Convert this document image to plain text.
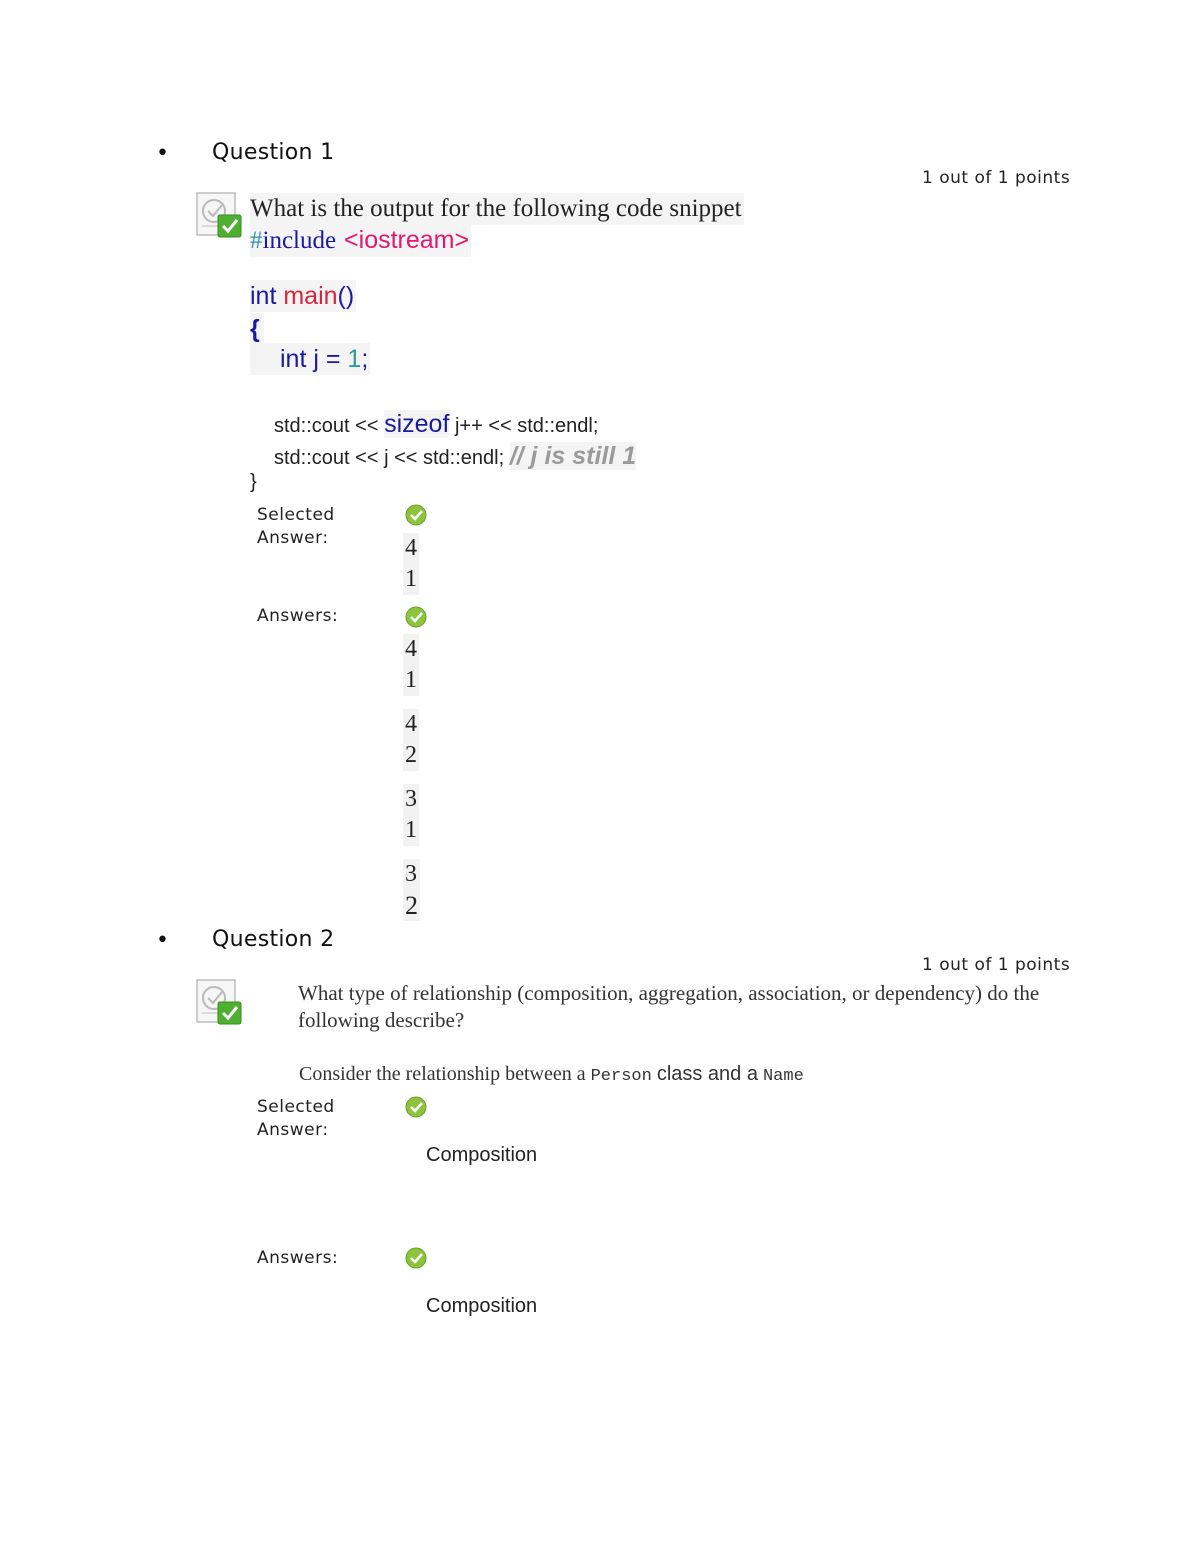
• Question 1
1 out of 1 points
What is the output for the following code snippet
#include <iostream>
int main()
{
int j = 1;
std::cout << sizeof j++ << std::endl;
std::cout << j << std::endl; // j is still 1
}
Selected Answer:	4
1
Answers:
4
1
4
2
3
1
3
2
• Question 2
1 out of 1 points
What type of relationship (composition, aggregation, association, or dependency) do the following describe?
Consider the relationship between a Person class and a Name
Selected Answer:
Composition
Answers:
Composition
